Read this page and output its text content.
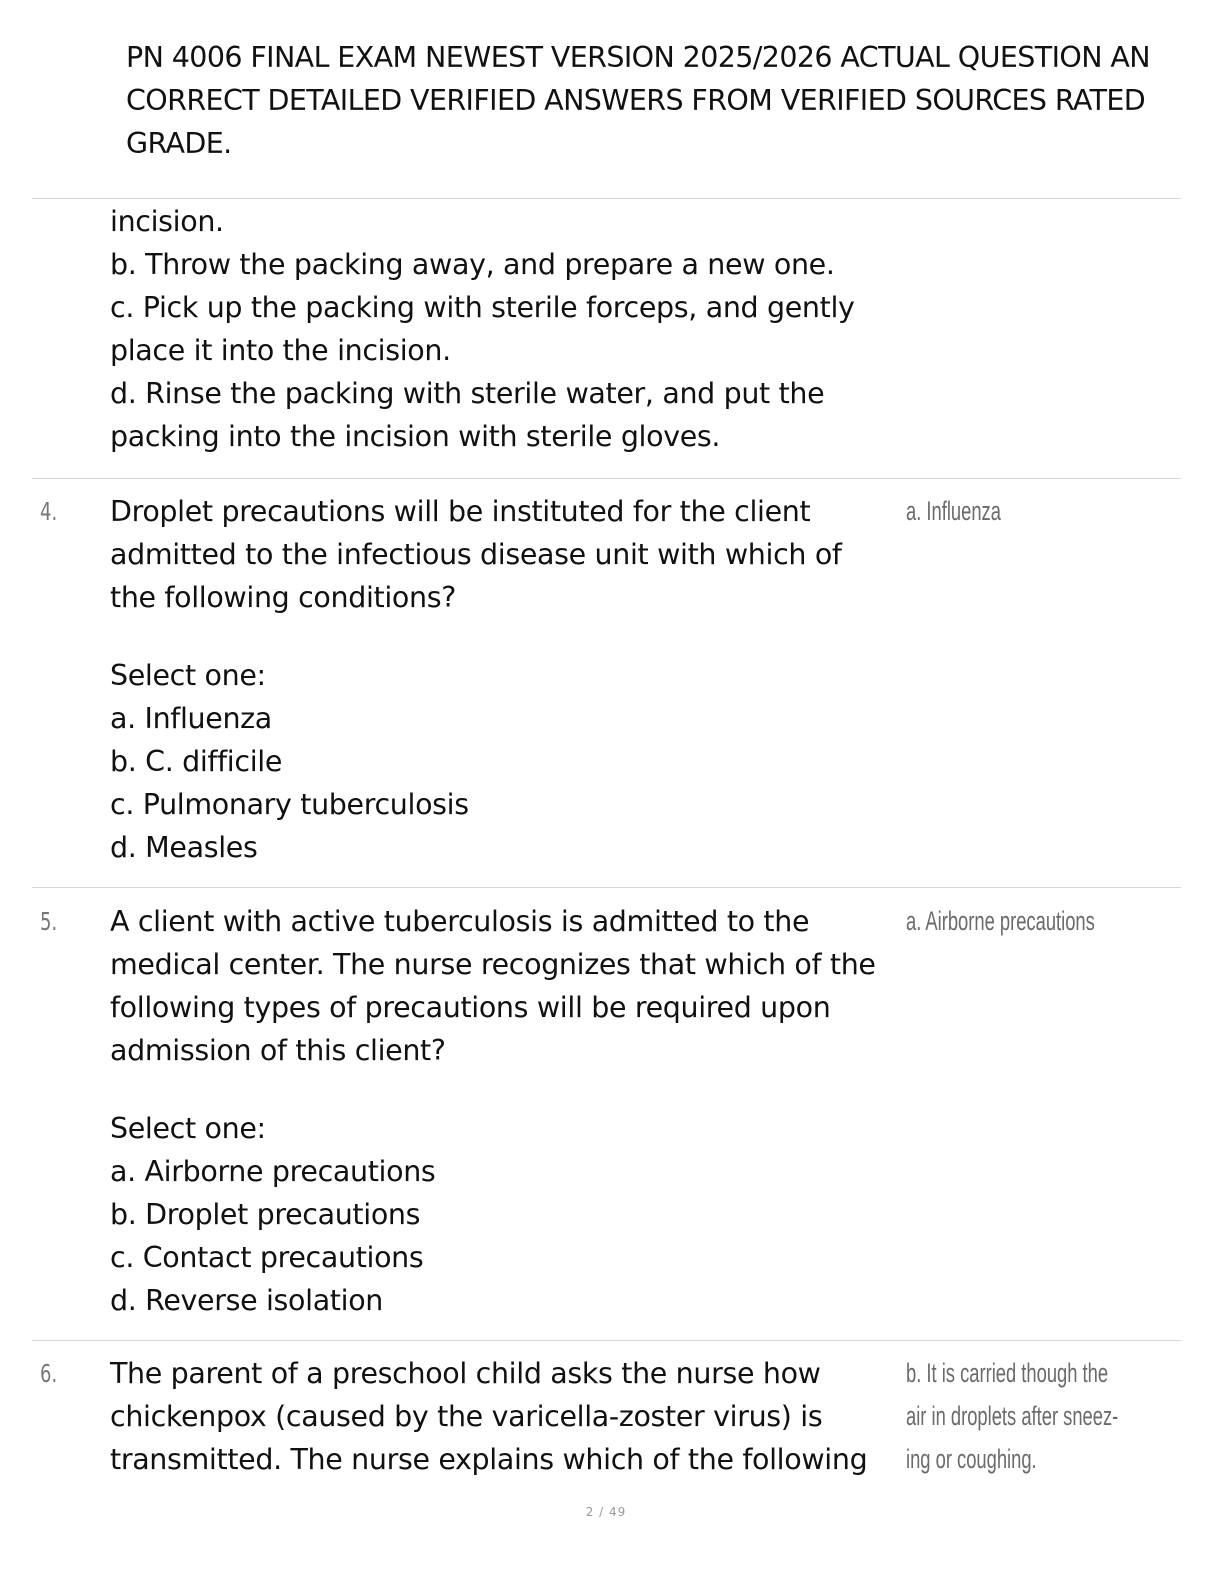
PN 4006 FINAL EXAM NEWEST VERSION 2025/2026 ACTUAL QUESTION AN
CORRECT DETAILED VERIFIED ANSWERS FROM VERIFIED SOURCES RATED
GRADE.
incision.
b. Throw the packing away, and prepare a new one.
c. Pick up the packing with sterile forceps, and gently
place it into the incision.
d. Rinse the packing with sterile water, and put the
packing into the incision with sterile gloves.
4. Droplet precautions will be instituted for the client
admitted to the infectious disease unit with which of
the following conditions?
Select one:
a. Influenza
b. C. difficile
c. Pulmonary tuberculosis
d. Measles
a. Influenza
5. A client with active tuberculosis is admitted to the
medical center. The nurse recognizes that which of the
following types of precautions will be required upon
admission of this client?
Select one:
a. Airborne precautions
b. Droplet precautions
c. Contact precautions
d. Reverse isolation
a. Airborne precautions
6. The parent of a preschool child asks the nurse how
chickenpox (caused by the varicella-zoster virus) is
transmitted. The nurse explains which of the following
b. It is carried though the
air in droplets after sneez-
ing or coughing.
2 / 49
